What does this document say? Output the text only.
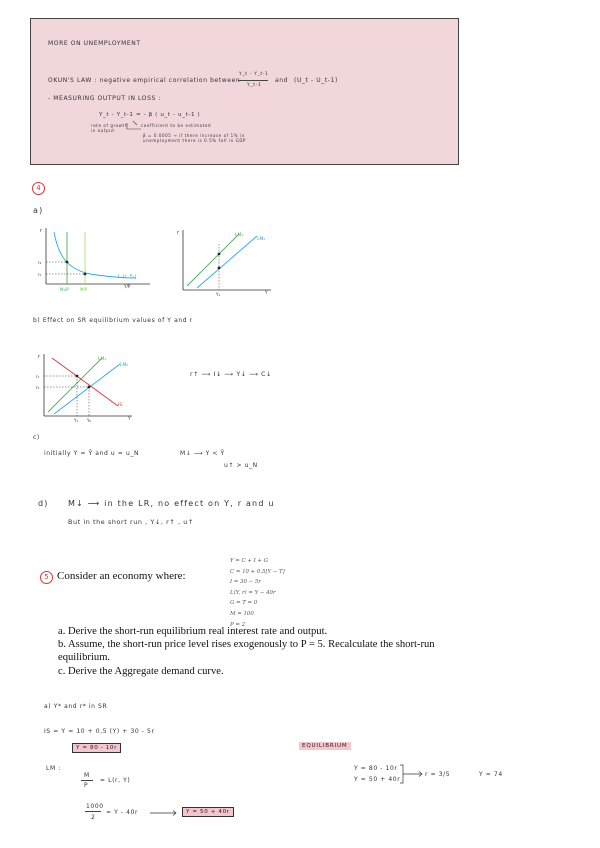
MORE ON UNEMPLOYMENT
OKUN'S LAW : negative empirical correlation between
Y_t - Y_t-1
Y_t-1
and (U_t - U_t-1)
- MEASURING OUTPUT IN LOSS :
Y_t - Y_t-1 = - β ( u_t - u_t-1 )
rate of growth in output
coefficient to be estimated
β = 0.0005 → if there increase of 1% in unemployment there is 0.5% fall in GDP
4
a)
r
Y/P
r₂
r₁	L (r, Y₁)
M₁/P	M/P
r
Y
LM₁
LM₀
Y₁
b) Effect on SR equilibrium values of Y and r
r
Y
LM₁
LM₀
IS
r₁
r₀
Y₁ Y₀
r↑ ⟶ I↓ ⟶ Y↓ ⟶ C↓
c)
initially Y = Ȳ and u = u_N	M↓ ⟶ Y < Ȳ
u↑ > u_N
d) M↓ ⟶ in the LR, no effect on Y, r and u
But in the short run , Y↓, r↑ , u↑
5 Consider an economy where:
Y = C + I + G
C = 10 + 0.5[Y − T]
I = 30 − 5r
L(Y, r) = Y − 40r
G = T = 0
M = 100
P = 2
a. Derive the short-run equilibrium real interest rate and output.
b. Assume, the short-run price level rises exogenously to P = 5. Recalculate the short-run
equilibrium.
c. Derive the Aggregate demand curve.
a) Y* and r* in SR
IS = Y = 10 + 0,5 (Y) + 30 - 5r
Y = 80 - 10r	EQUILIBRIUM
LM :
M
P
= L(r, Y)
Y = 80 - 10r
Y = 50 + 40r
r = 3/5	Y = 74
1000
2
= Y - 40r	Y = 50 + 40r
